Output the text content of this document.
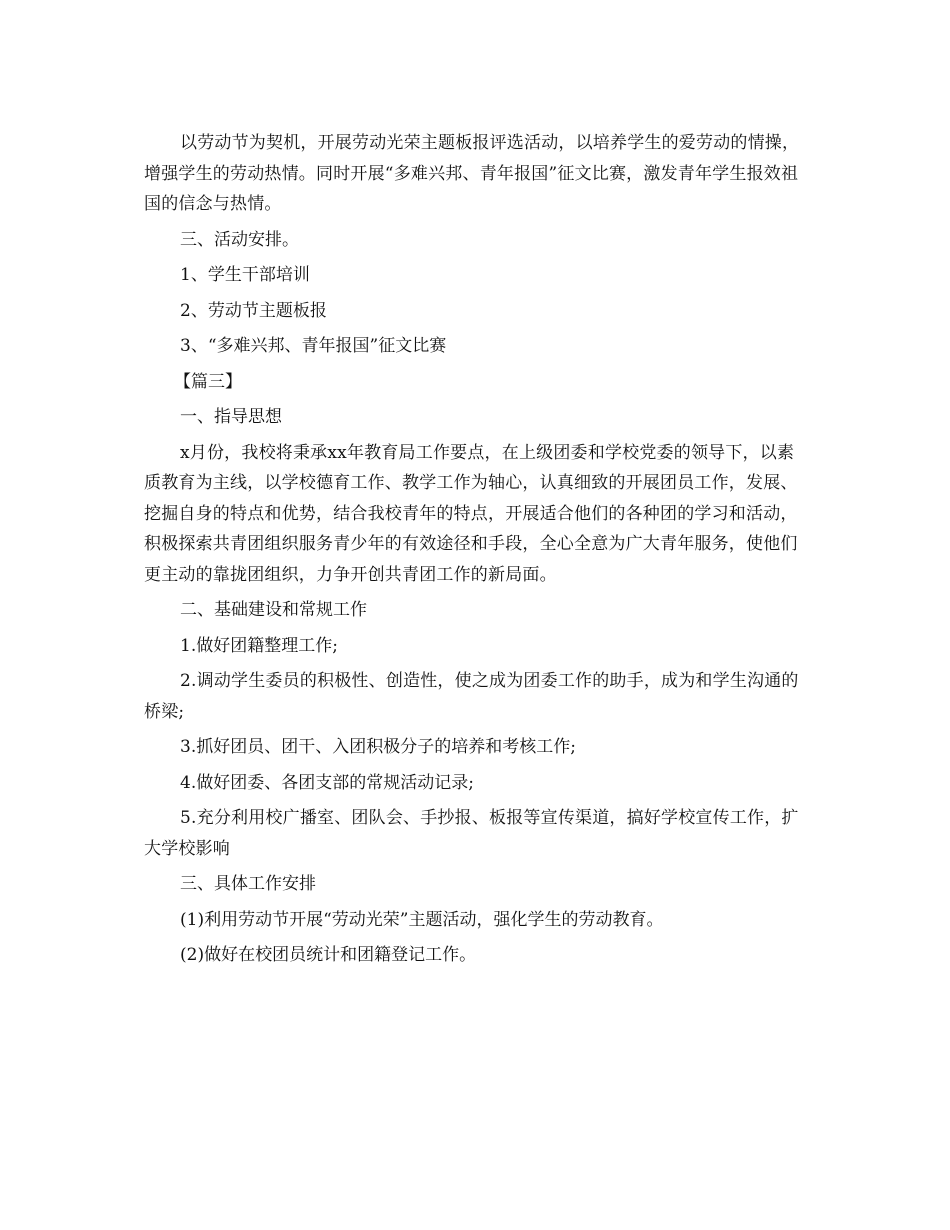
以劳动节为契机，开展劳动光荣主题板报评选活动，以培养学生的爱劳动的情操，增强学生的劳动热情。同时开展“多难兴邦、青年报国”征文比赛，激发青年学生报效祖国的信念与热情。

三、活动安排。

1、学生干部培训

2、劳动节主题板报

3、“多难兴邦、青年报国”征文比赛

【篇三】

一、指导思想

x月份，我校将秉承xx年教育局工作要点，在上级团委和学校党委的领导下，以素质教育为主线，以学校德育工作、教学工作为轴心，认真细致的开展团员工作，发展、挖掘自身的特点和优势，结合我校青年的特点，开展适合他们的各种团的学习和活动，积极探索共青团组织服务青少年的有效途径和手段，全心全意为广大青年服务，使他们更主动的靠拢团组织，力争开创共青团工作的新局面。

二、基础建设和常规工作

1.做好团籍整理工作;

2.调动学生委员的积极性、创造性，使之成为团委工作的助手，成为和学生沟通的桥梁;

3.抓好团员、团干、入团积极分子的培养和考核工作;

4.做好团委、各团支部的常规活动记录;

5.充分利用校广播室、团队会、手抄报、板报等宣传渠道，搞好学校宣传工作，扩大学校影响

三、具体工作安排

(1)利用劳动节开展“劳动光荣”主题活动，强化学生的劳动教育。

(2)做好在校团员统计和团籍登记工作。
